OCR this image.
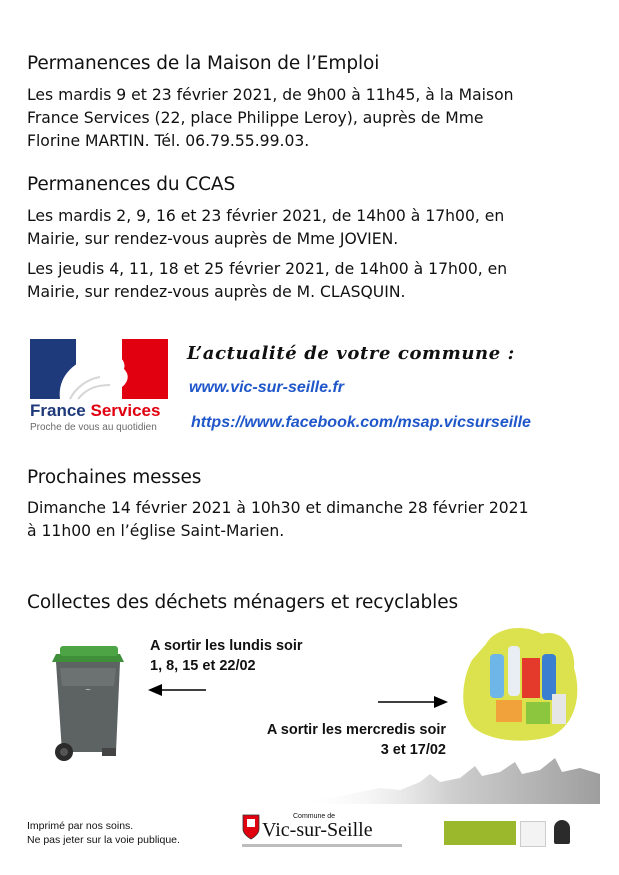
Permanences de la Maison de l’Emploi
Les mardis 9 et 23 février 2021, de 9h00 à 11h45, à la Maison
France Services (22, place Philippe Leroy), auprès de Mme
Florine MARTIN. Tél. 06.79.55.99.03.
Permanences du CCAS
Les mardis 2, 9, 16 et 23 février 2021, de 14h00 à 17h00, en
Mairie, sur rendez-vous auprès de Mme JOVIEN.
Les jeudis 4, 11, 18 et 25 février 2021, de 14h00 à 17h00, en
Mairie, sur rendez-vous auprès de M. CLASQUIN.
France Services
Proche de vous au quotidien
L’actualité de votre commune :
www.vic-sur-seille.fr
https://www.facebook.com/msap.vicsurseille
Prochaines messes
Dimanche 14 février 2021 à 10h30 et dimanche 28 février 2021
à 11h00 en l’église Saint-Marien.
Collectes des déchets ménagers et recyclables
~
A sortir les lundis soir
1, 8, 15 et 22/02
A sortir les mercredis soir
3 et 17/02
Imprimé par nos soins.
Ne pas jeter sur la voie publique.
Commune de
Vic-sur-Seille
